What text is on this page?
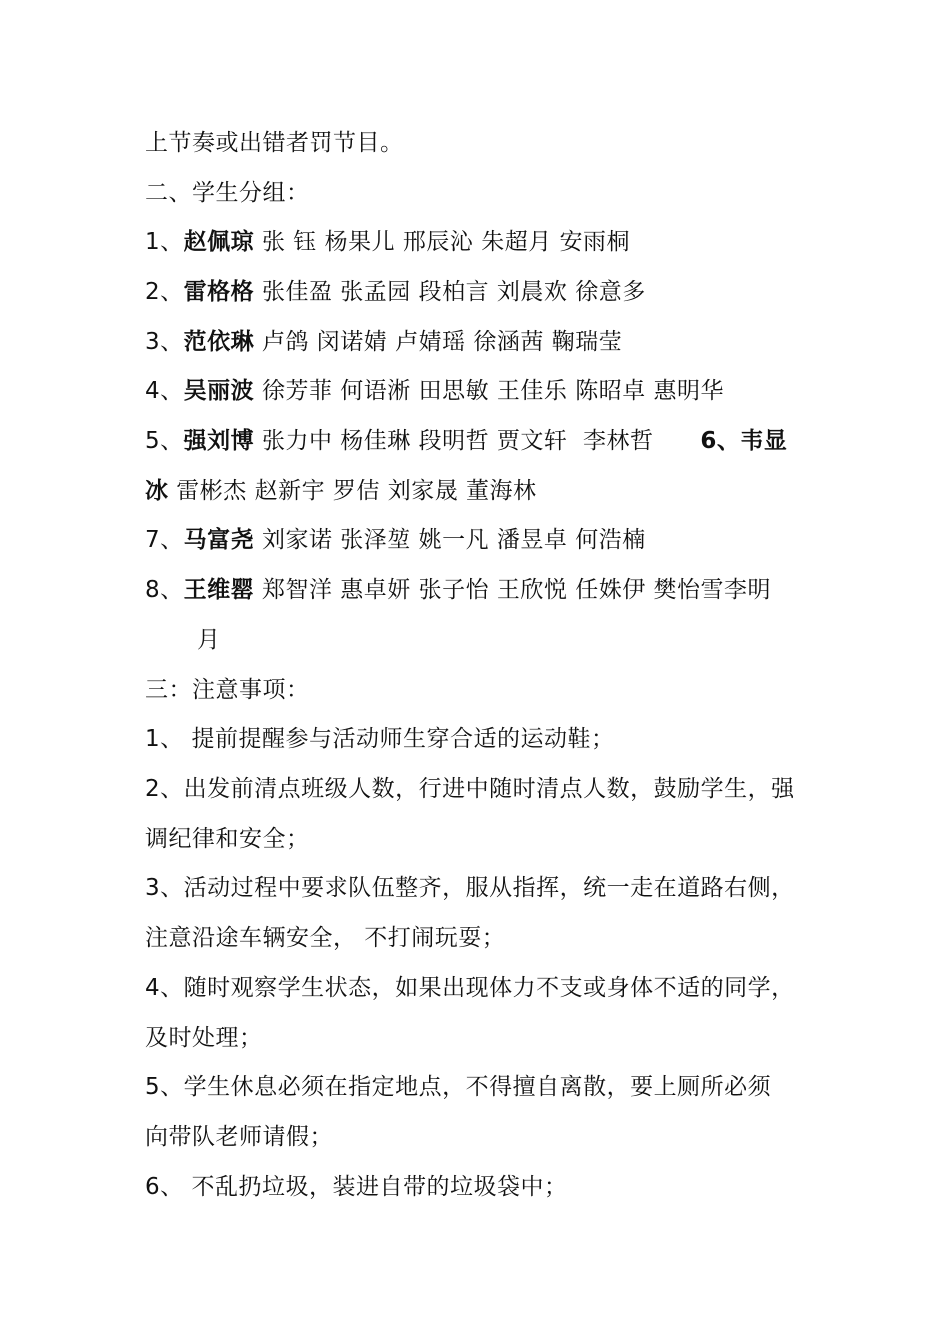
上节奏或出错者罚节目。
二、学生分组：
1、赵佩琼 张 钰 杨果儿 邢辰沁 朱超月 安雨桐
2、雷格格 张佳盈 张孟园 段柏言 刘晨欢 徐意多
3、范依琳 卢鸽 闵诺婧 卢婧瑶 徐涵茜 鞠瑞莹
4、吴丽波 徐芳菲 何语淅 田思敏 王佳乐 陈昭卓 惠明华
5、强刘博 张力中 杨佳琳 段明哲 贾文轩  李林哲      6、韦显
冰 雷彬杰 赵新宇 罗佶 刘家晟 董海林
7、马富尧 刘家诺 张泽堃 姚一凡 潘昱卓 何浩楠
8、王维罂 郑智洋 惠卓妍 张子怡 王欣悦 任姝伊 樊怡雪李明
月
三：注意事项：
1、 提前提醒参与活动师生穿合适的运动鞋；
2、出发前清点班级人数，行进中随时清点人数，鼓励学生，强
调纪律和安全；
3、活动过程中要求队伍整齐，服从指挥，统一走在道路右侧，
注意沿途车辆安全， 不打闹玩耍；
4、随时观察学生状态，如果出现体力不支或身体不适的同学，
及时处理；
5、学生休息必须在指定地点，不得擅自离散，要上厕所必须
向带队老师请假；
6、 不乱扔垃圾，装进自带的垃圾袋中；
